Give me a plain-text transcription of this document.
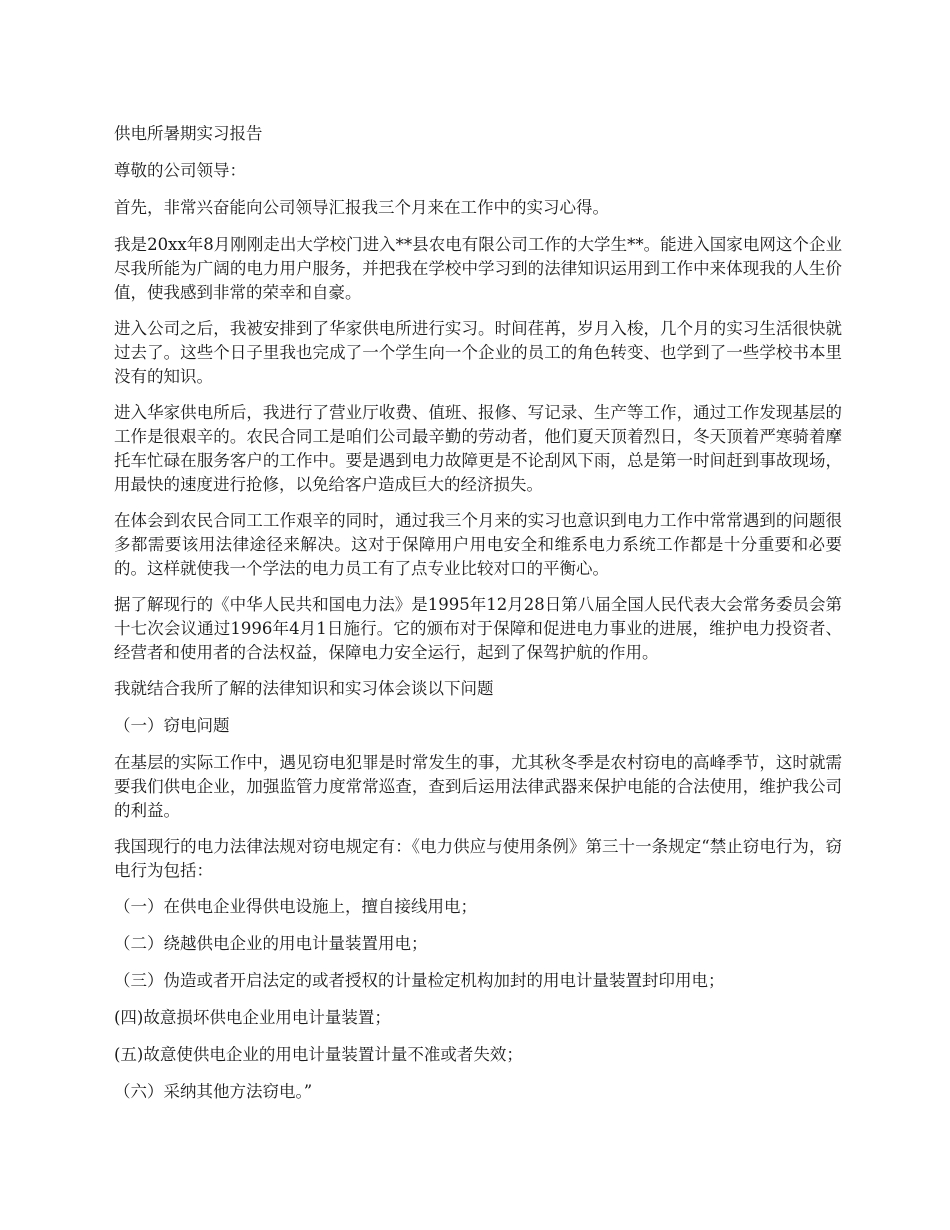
供电所暑期实习报告

尊敬的公司领导：

首先，非常兴奋能向公司领导汇报我三个月来在工作中的实习心得。

我是20xx年8月刚刚走出大学校门进入**县农电有限公司工作的大学生**。能进入国家电网这个企业尽我所能为广阔的电力用户服务，并把我在学校中学习到的法律知识运用到工作中来体现我的人生价值，使我感到非常的荣幸和自豪。

进入公司之后，我被安排到了华家供电所进行实习。时间荏苒，岁月入梭，几个月的实习生活很快就过去了。这些个日子里我也完成了一个学生向一个企业的员工的角色转变、也学到了一些学校书本里没有的知识。

进入华家供电所后，我进行了营业厅收费、值班、报修、写记录、生产等工作，通过工作发现基层的工作是很艰辛的。农民合同工是咱们公司最辛勤的劳动者，他们夏天顶着烈日，冬天顶着严寒骑着摩托车忙碌在服务客户的工作中。要是遇到电力故障更是不论刮风下雨，总是第一时间赶到事故现场，用最快的速度进行抢修，以免给客户造成巨大的经济损失。

在体会到农民合同工工作艰辛的同时，通过我三个月来的实习也意识到电力工作中常常遇到的问题很多都需要该用法律途径来解决。这对于保障用户用电安全和维系电力系统工作都是十分重要和必要的。这样就使我一个学法的电力员工有了点专业比较对口的平衡心。

据了解现行的《中华人民共和国电力法》是1995年12月28日第八届全国人民代表大会常务委员会第十七次会议通过1996年4月1日施行。它的颁布对于保障和促进电力事业的进展，维护电力投资者、经营者和使用者的合法权益，保障电力安全运行，起到了保驾护航的作用。

我就结合我所了解的法律知识和实习体会谈以下问题

（一）窃电问题

在基层的实际工作中，遇见窃电犯罪是时常发生的事，尤其秋冬季是农村窃电的高峰季节，这时就需要我们供电企业，加强监管力度常常巡查，查到后运用法律武器来保护电能的合法使用，维护我公司的利益。

我国现行的电力法律法规对窃电规定有：《电力供应与使用条例》第三十一条规定“禁止窃电行为，窃电行为包括：

（一）在供电企业得供电设施上，擅自接线用电；

（二）绕越供电企业的用电计量装置用电；

（三）伪造或者开启法定的或者授权的计量检定机构加封的用电计量装置封印用电；

(四)故意损坏供电企业用电计量装置；

(五)故意使供电企业的用电计量装置计量不准或者失效；

（六）采纳其他方法窃电。”
